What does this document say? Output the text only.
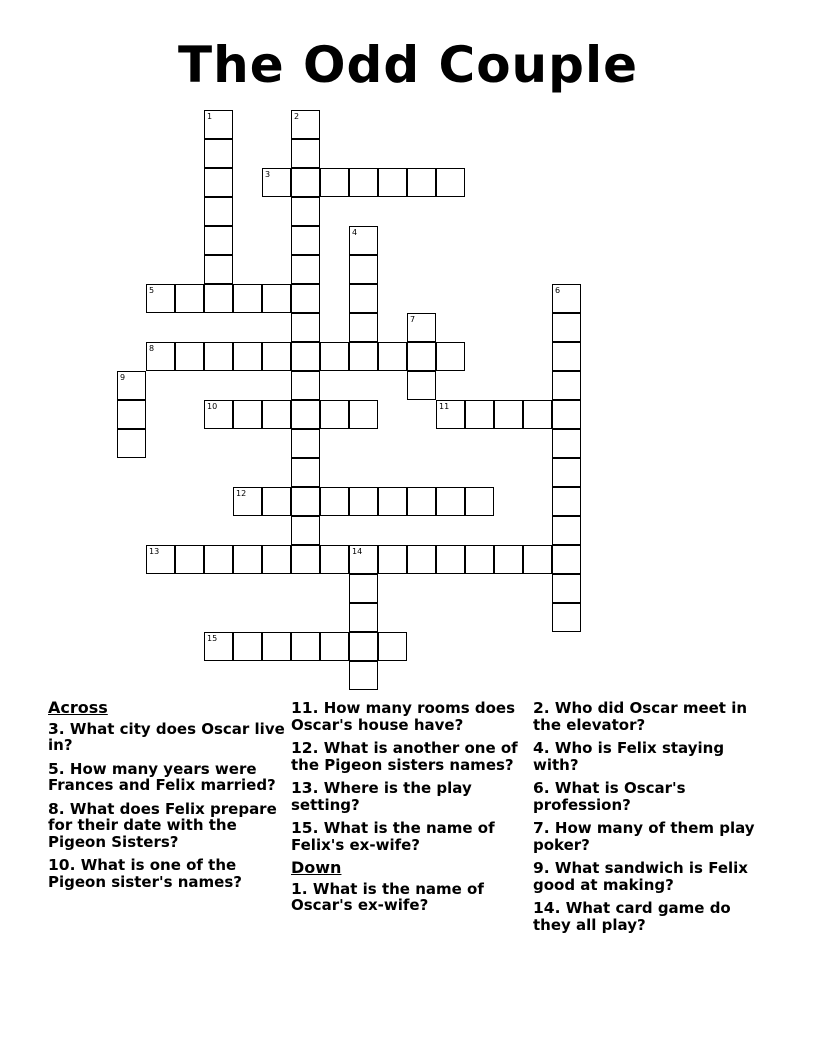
The Odd Couple
1	2
3
4
5	6
7
8
9
10	11
12
13	14
15
Across
3. What city does Oscar live in?
5. How many years were Frances and Felix married?
8. What does Felix prepare for their date with the Pigeon Sisters?
10. What is one of the Pigeon sister's names?
11. How many rooms does Oscar's house have?
12. What is another one of the Pigeon sisters names?
13. Where is the play setting?
15. What is the name of Felix's ex-wife?
Down
1. What is the name of Oscar's ex-wife?
2. Who did Oscar meet in the elevator?
4. Who is Felix staying with?
6. What is Oscar's profession?
7. How many of them play poker?
9. What sandwich is Felix good at making?
14. What card game do they all play?
